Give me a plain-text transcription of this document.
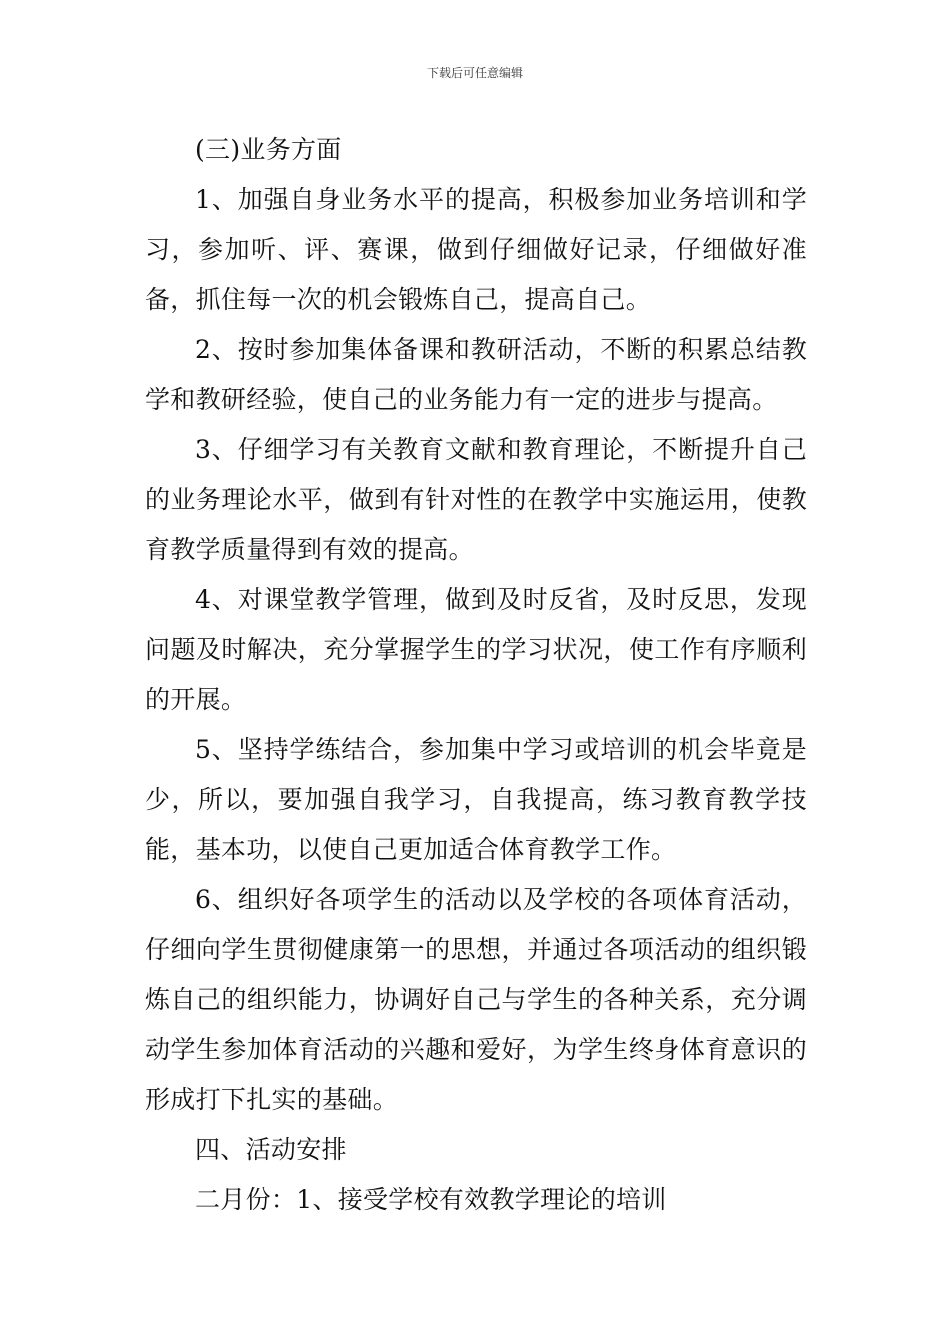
下载后可任意编辑

(三)业务方面

1、加强自身业务水平的提高，积极参加业务培训和学习，参加听、评、赛课，做到仔细做好记录，仔细做好准备，抓住每一次的机会锻炼自己，提高自己。

2、按时参加集体备课和教研活动，不断的积累总结教学和教研经验，使自己的业务能力有一定的进步与提高。

3、仔细学习有关教育文献和教育理论，不断提升自己的业务理论水平，做到有针对性的在教学中实施运用，使教育教学质量得到有效的提高。

4、对课堂教学管理，做到及时反省，及时反思，发现问题及时解决，充分掌握学生的学习状况，使工作有序顺利的开展。

5、坚持学练结合，参加集中学习或培训的机会毕竟是少，所以，要加强自我学习，自我提高，练习教育教学技能，基本功，以使自己更加适合体育教学工作。

6、组织好各项学生的活动以及学校的各项体育活动，仔细向学生贯彻健康第一的思想，并通过各项活动的组织锻炼自己的组织能力，协调好自己与学生的各种关系，充分调动学生参加体育活动的兴趣和爱好，为学生终身体育意识的形成打下扎实的基础。

四、活动安排

二月份：1、接受学校有效教学理论的培训
